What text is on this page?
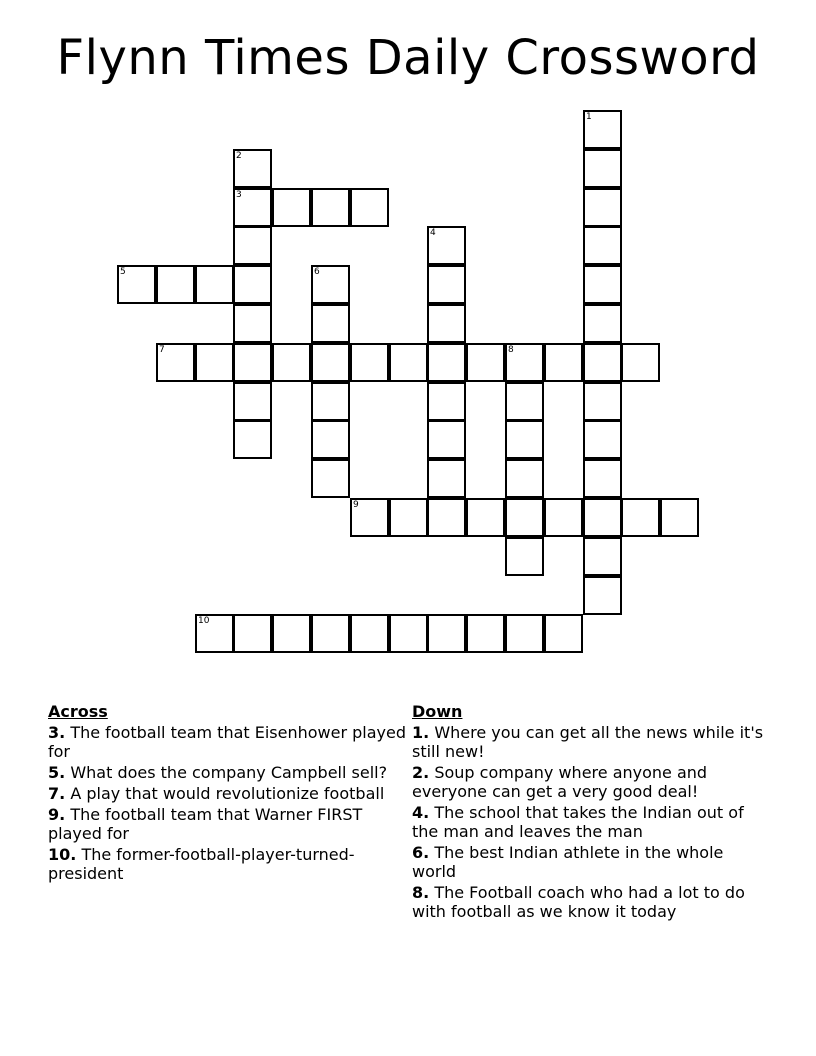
Flynn Times Daily Crossword
1
2
3
4
5	6
7	8
9
10
Across
3. The football team that Eisenhower played for
5. What does the company Campbell sell?
7. A play that would revolutionize football
9. The football team that Warner FIRST played for
10. The former-football-player-turned-president
Down
1. Where you can get all the news while it's still new!
2. Soup company where anyone and everyone can get a very good deal!
4. The school that takes the Indian out of the man and leaves the man
6. The best Indian athlete in the whole world
8. The Football coach who had a lot to do with football as we know it today
